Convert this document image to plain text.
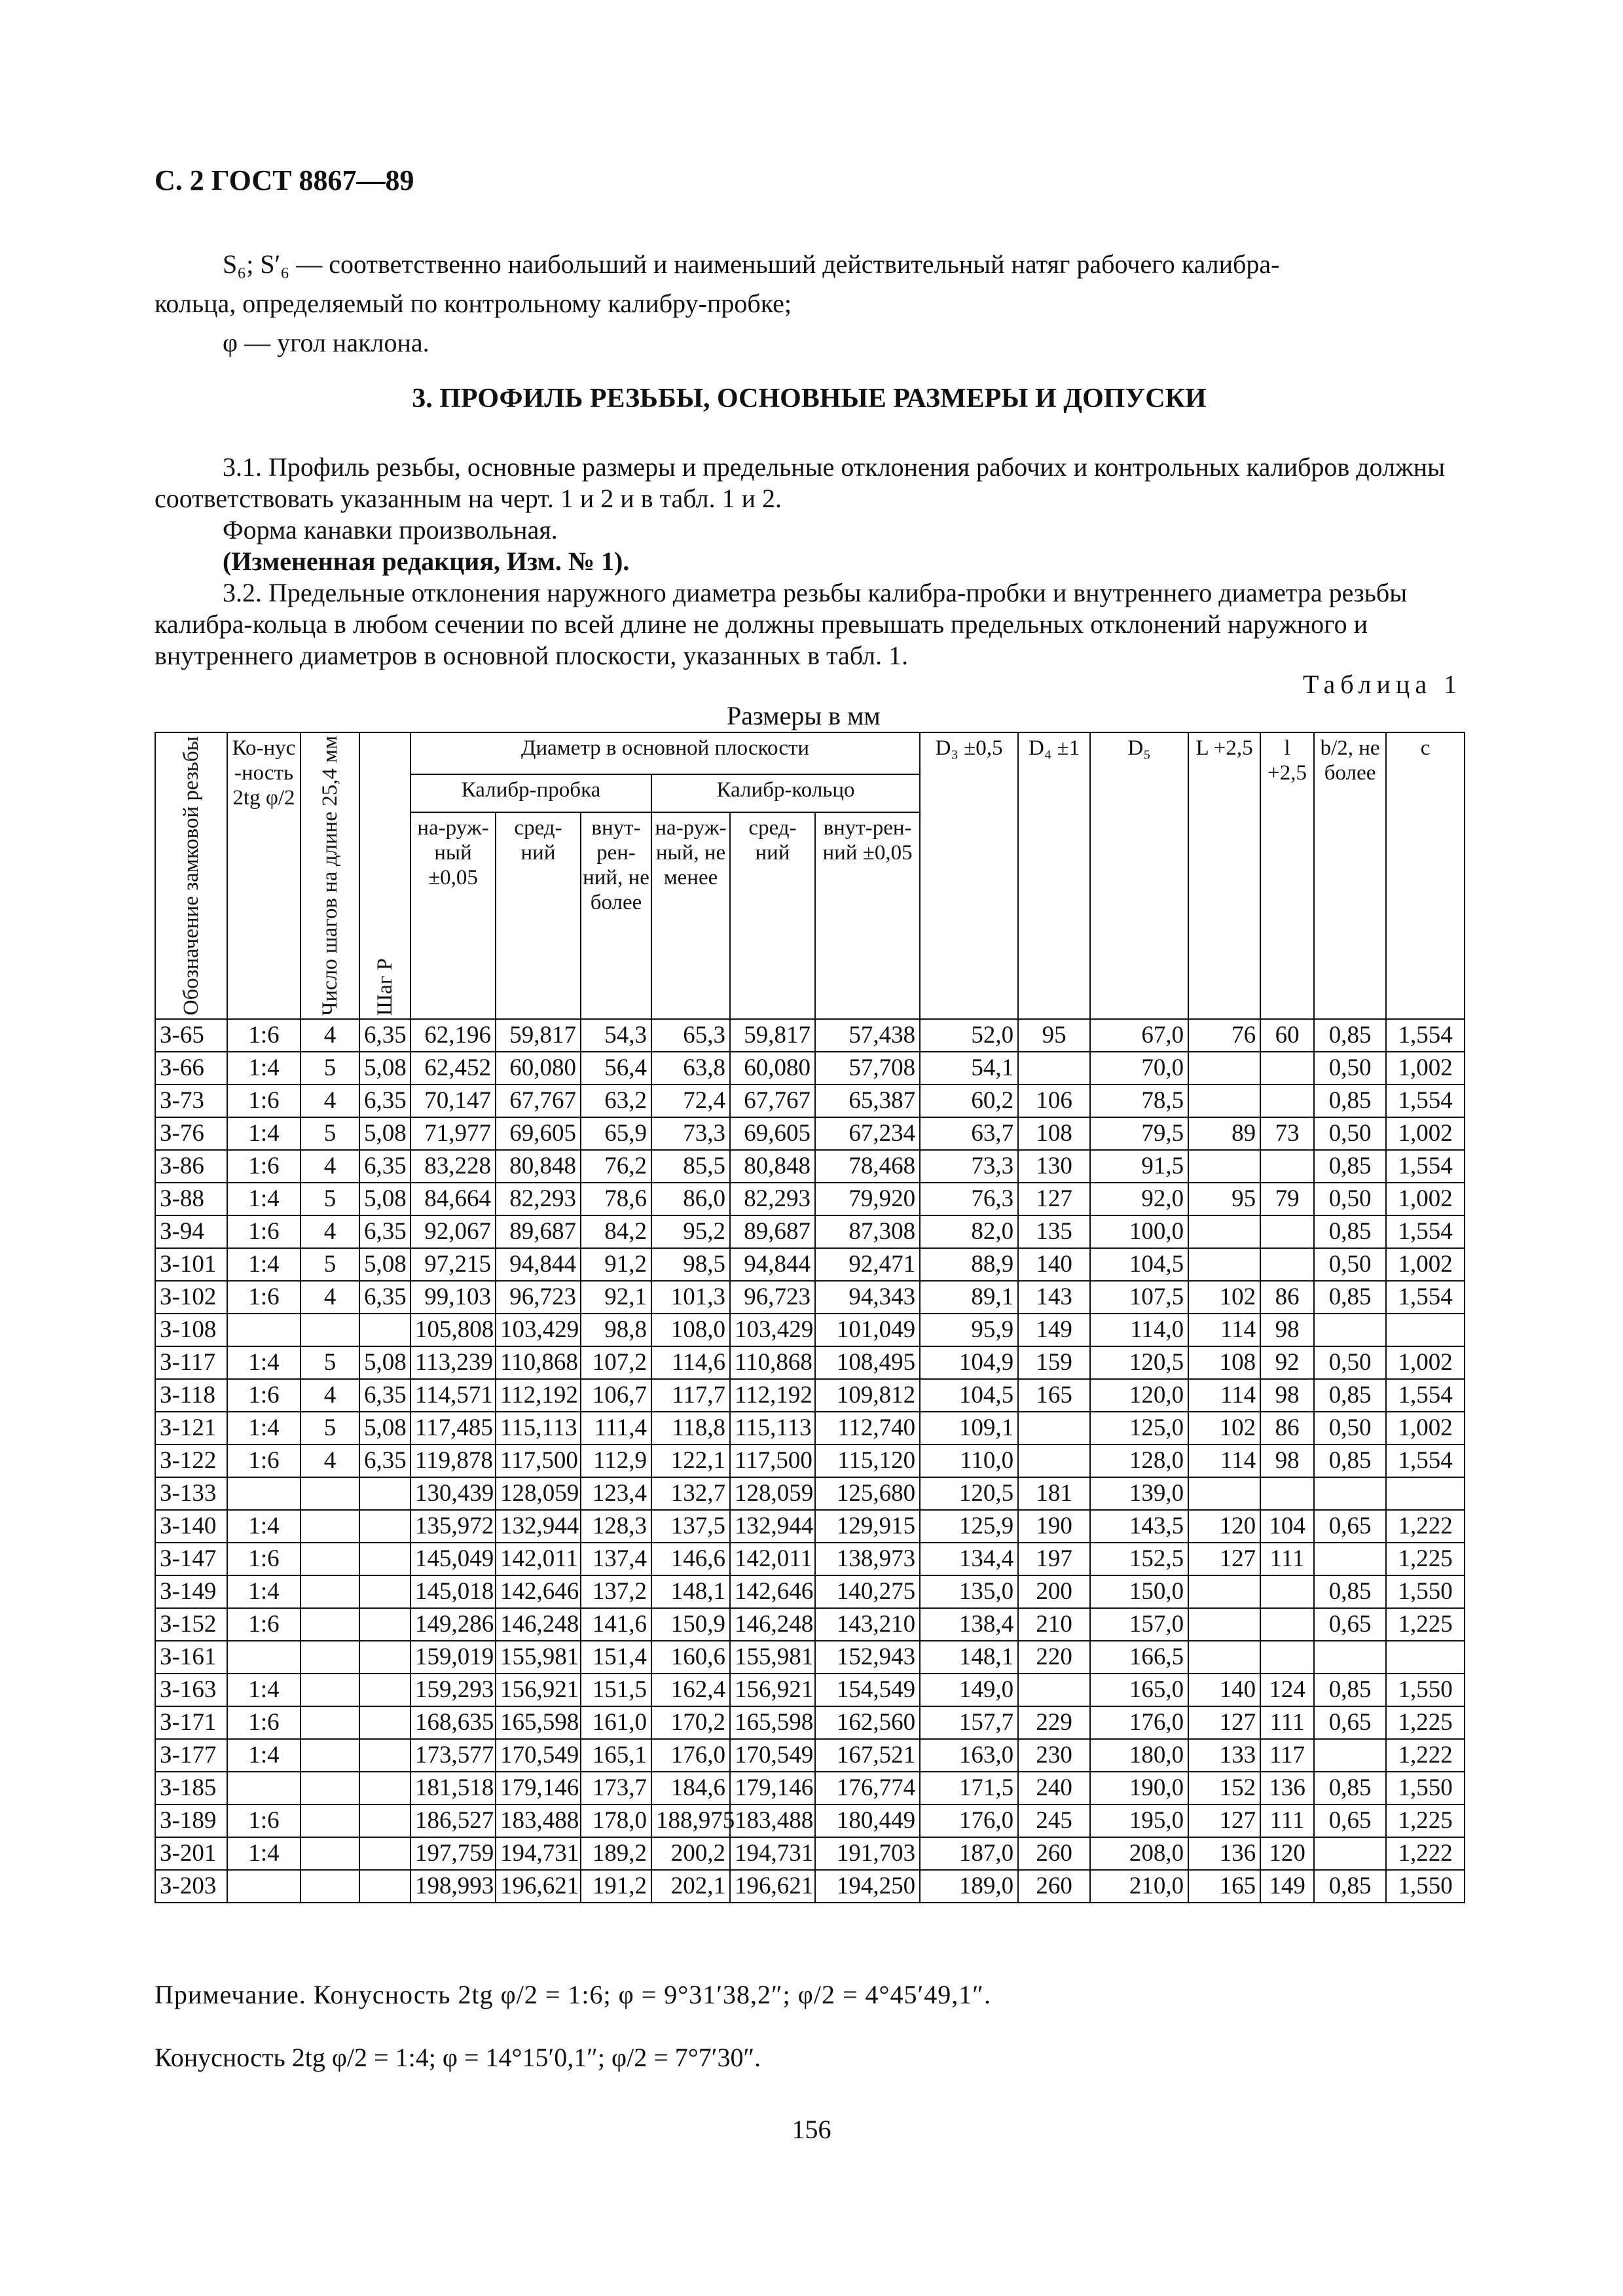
С. 2 ГОСТ 8867—89
S₆; S′₆ — соответственно наибольший и наименьший действительный натяг рабочего калибра-
кольца, определяемый по контрольному калибру-пробке;
φ — угол наклона.
3. ПРОФИЛЬ РЕЗЬБЫ, ОСНОВНЫЕ РАЗМЕРЫ И ДОПУСКИ
3.1. Профиль резьбы, основные размеры и предельные отклонения рабочих и контрольных калибров должны соответствовать указанным на черт. 1 и 2 и в табл. 1 и 2.
Форма канавки произвольная.
(Измененная редакция, Изм. № 1).
3.2. Предельные отклонения наружного диаметра резьбы калибра-пробки и внутреннего диаметра резьбы калибра-кольца в любом сечении по всей длине не должны превышать предельных отклонений наружного и внутреннего диаметров в основной плоскости, указанных в табл. 1.
Таблица 1
Размеры в мм
Обозначение замковой резьбы	Ко-нус-ность
2tg φ/2	Число шагов на длине 25,4 мм	Шаг P	Диаметр в основной плоскости						D₃ ±0,5	D₄ ±1	D₅	L +2,5	l +2,5	b/2, не более	c
				Калибр-пробка			Калибр-кольцо									
				на-руж-ный ±0,05	сред-ний	внут-рен-ний, не более	на-руж-ный, не менее	сред-ний	внут-рен-ний ±0,05							
З-65	1:6	4	6,35	62,196	59,817	54,3	65,3	59,817	57,438	52,0	95	67,0	76	60	0,85	1,554
З-66	1:4	5	5,08	62,452	60,080	56,4	63,8	60,080	57,708	54,1		70,0			0,50	1,002
З-73	1:6	4	6,35	70,147	67,767	63,2	72,4	67,767	65,387	60,2	106	78,5			0,85	1,554
З-76	1:4	5	5,08	71,977	69,605	65,9	73,3	69,605	67,234	63,7	108	79,5	89	73	0,50	1,002
З-86	1:6	4	6,35	83,228	80,848	76,2	85,5	80,848	78,468	73,3	130	91,5			0,85	1,554
З-88	1:4	5	5,08	84,664	82,293	78,6	86,0	82,293	79,920	76,3	127	92,0	95	79	0,50	1,002
З-94	1:6	4	6,35	92,067	89,687	84,2	95,2	89,687	87,308	82,0	135	100,0			0,85	1,554
З-101	1:4	5	5,08	97,215	94,844	91,2	98,5	94,844	92,471	88,9	140	104,5			0,50	1,002
З-102	1:6	4	6,35	99,103	96,723	92,1	101,3	96,723	94,343	89,1	143	107,5	102	86	0,85	1,554
З-108				105,808	103,429	98,8	108,0	103,429	101,049	95,9	149	114,0	114	98		
З-117	1:4	5	5,08	113,239	110,868	107,2	114,6	110,868	108,495	104,9	159	120,5	108	92	0,50	1,002
З-118	1:6	4	6,35	114,571	112,192	106,7	117,7	112,192	109,812	104,5	165	120,0	114	98	0,85	1,554
З-121	1:4	5	5,08	117,485	115,113	111,4	118,8	115,113	112,740	109,1		125,0	102	86	0,50	1,002
З-122	1:6	4	6,35	119,878	117,500	112,9	122,1	117,500	115,120	110,0		128,0	114	98	0,85	1,554
З-133				130,439	128,059	123,4	132,7	128,059	125,680	120,5	181	139,0				
З-140	1:4			135,972	132,944	128,3	137,5	132,944	129,915	125,9	190	143,5	120	104	0,65	1,222
З-147	1:6			145,049	142,011	137,4	146,6	142,011	138,973	134,4	197	152,5	127	111		1,225
З-149	1:4			145,018	142,646	137,2	148,1	142,646	140,275	135,0	200	150,0			0,85	1,550
З-152	1:6			149,286	146,248	141,6	150,9	146,248	143,210	138,4	210	157,0			0,65	1,225
З-161				159,019	155,981	151,4	160,6	155,981	152,943	148,1	220	166,5				
З-163	1:4			159,293	156,921	151,5	162,4	156,921	154,549	149,0		165,0	140	124	0,85	1,550
З-171	1:6			168,635	165,598	161,0	170,2	165,598	162,560	157,7	229	176,0	127	111	0,65	1,225
З-177	1:4			173,577	170,549	165,1	176,0	170,549	167,521	163,0	230	180,0	133	117		1,222
З-185				181,518	179,146	173,7	184,6	179,146	176,774	171,5	240	190,0	152	136	0,85	1,550
З-189	1:6			186,527	183,488	178,0	188,975	183,488	180,449	176,0	245	195,0	127	111	0,65	1,225
З-201	1:4			197,759	194,731	189,2	200,2	194,731	191,703	187,0	260	208,0	136	120		1,222
З-203				198,993	196,621	191,2	202,1	196,621	194,250	189,0	260	210,0	165	149	0,85	1,550
Примечание. Конусность 2tg φ/2 = 1:6; φ = 9°31′38,2″; φ/2 = 4°45′49,1″.
Конусность 2tg φ/2 = 1:4; φ = 14°15′0,1″; φ/2 = 7°7′30″.
156
